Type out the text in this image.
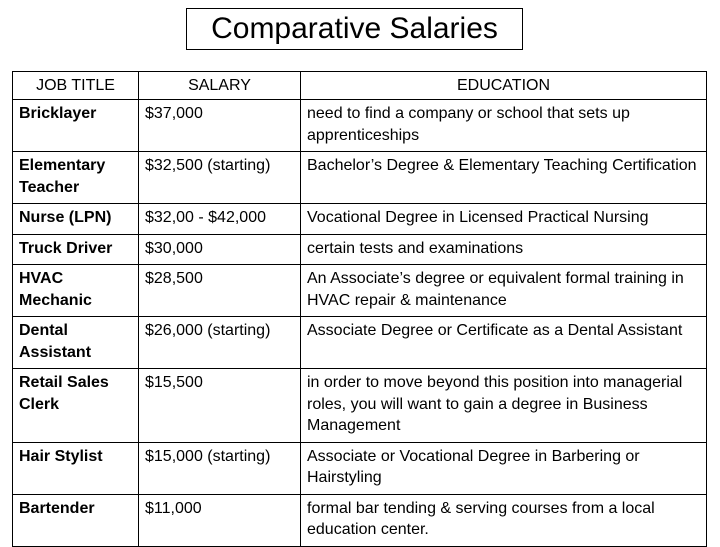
Comparative Salaries
JOB TITLE	SALARY	EDUCATION
Bricklayer	$37,000	need to find a company or school that sets up apprenticeships
Elementary Teacher	$32,500 (starting)	Bachelor’s Degree & Elementary Teaching Certification
Nurse (LPN)	$32,00 - $42,000	Vocational Degree in Licensed Practical Nursing
Truck Driver	$30,000	certain tests and examinations
HVAC Mechanic	$28,500	An Associate’s degree or equivalent formal training in HVAC repair & maintenance
Dental Assistant	$26,000 (starting)	Associate Degree or Certificate as a Dental Assistant
Retail Sales Clerk	$15,500	in order to move beyond this position into managerial roles, you will want to gain a degree in Business Management
Hair Stylist	$15,000 (starting)	Associate or Vocational Degree in Barbering or Hairstyling
Bartender	$11,000	formal bar tending & serving courses from a local education center.
